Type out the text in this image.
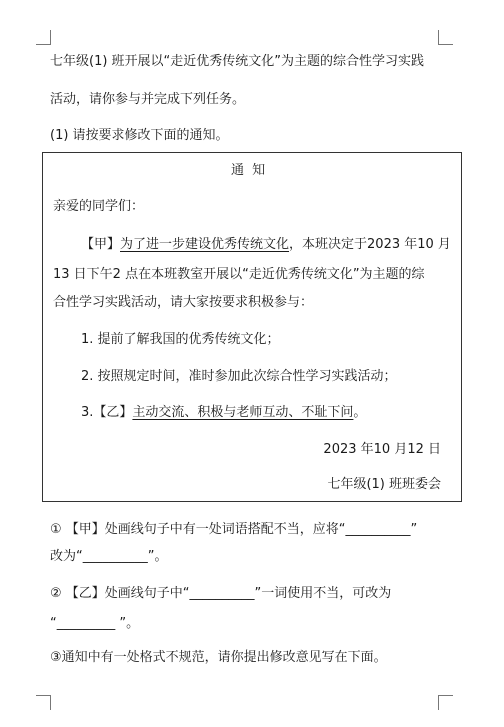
七年级(1) 班开展以“走近优秀传统文化”为主题的综合性学习实践
活动，请你参与并完成下列任务。
(1) 请按要求修改下面的通知。
通 知
亲爱的同学们：
【甲】为了进一步建设优秀传统文化，本班决定于2023 年10 月
13 日下午2 点在本班教室开展以“走近优秀传统文化”为主题的综
合性学习实践活动，请大家按要求积极参与：
1. 提前了解我国的优秀传统文化；
2. 按照规定时间，准时参加此次综合性学习实践活动；
3.【乙】主动交流、积极与老师互动、不耻下问。
2023 年10 月12 日
七年级(1) 班班委会
① 【甲】处画线句子中有一处词语搭配不当，应将“__________”
改为“__________”。
② 【乙】处画线句子中“__________”一词使用不当，可改为
“_________ ”。
③通知中有一处格式不规范，请你提出修改意见写在下面。
